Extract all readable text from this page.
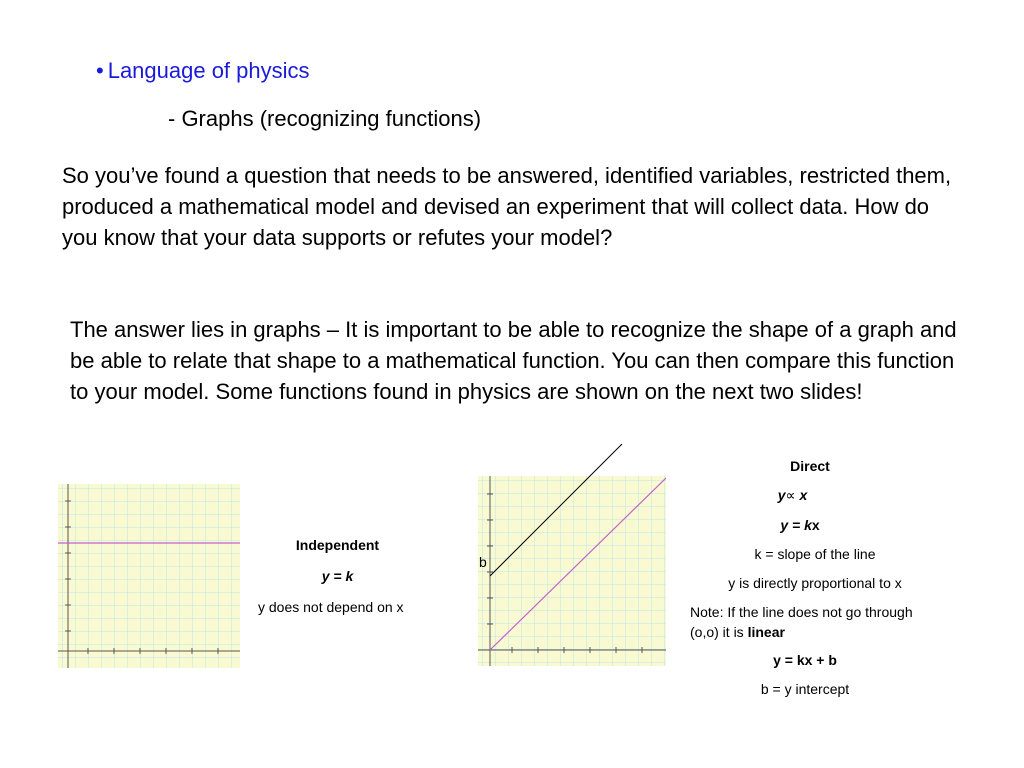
• Language of physics
- Graphs (recognizing functions)
So you’ve found a question that needs to be answered, identified variables, restricted them, produced a mathematical model and devised an experiment that will collect data. How do you know that your data supports or refutes your model?
The answer lies in graphs – It is important to be able to recognize the shape of a graph and be able to relate that shape to a mathematical function. You can then compare this function to your model. Some functions found in physics are shown on the next two slides!
Independent
y = k
y does not depend on x
b

Direct

y∝ x

y = kx

k = slope of the line

y is directly proportional to x

Note: If the line does not go through (o,o) it is linear

y = kx + b

b = y intercept
